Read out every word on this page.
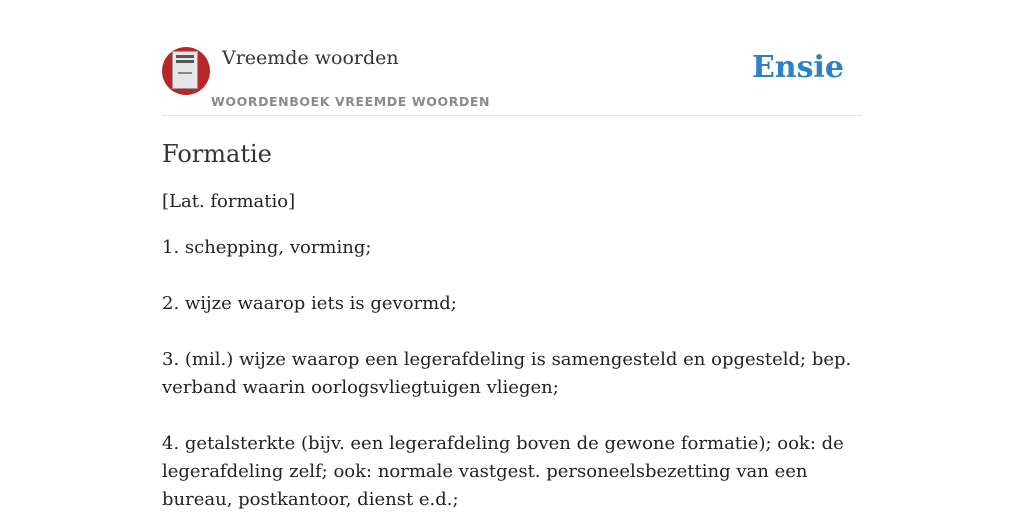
Vreemde woorden
WOORDENBOEK VREEMDE WOORDEN
Ensie
Formatie

[Lat. formatio]

1. schepping, vorming;
2. wijze waarop iets is gevormd;
3. (mil.) wijze waarop een legerafdeling is samengesteld en opgesteld; bep. verband waarin oorlogsvliegtuigen vliegen;
4. getalsterkte (bijv. een legerafdeling boven de gewone formatie); ook: de legerafdeling zelf; ook: normale vastgest. personeelsbezetting van een bureau, postkantoor, dienst e.d.;
